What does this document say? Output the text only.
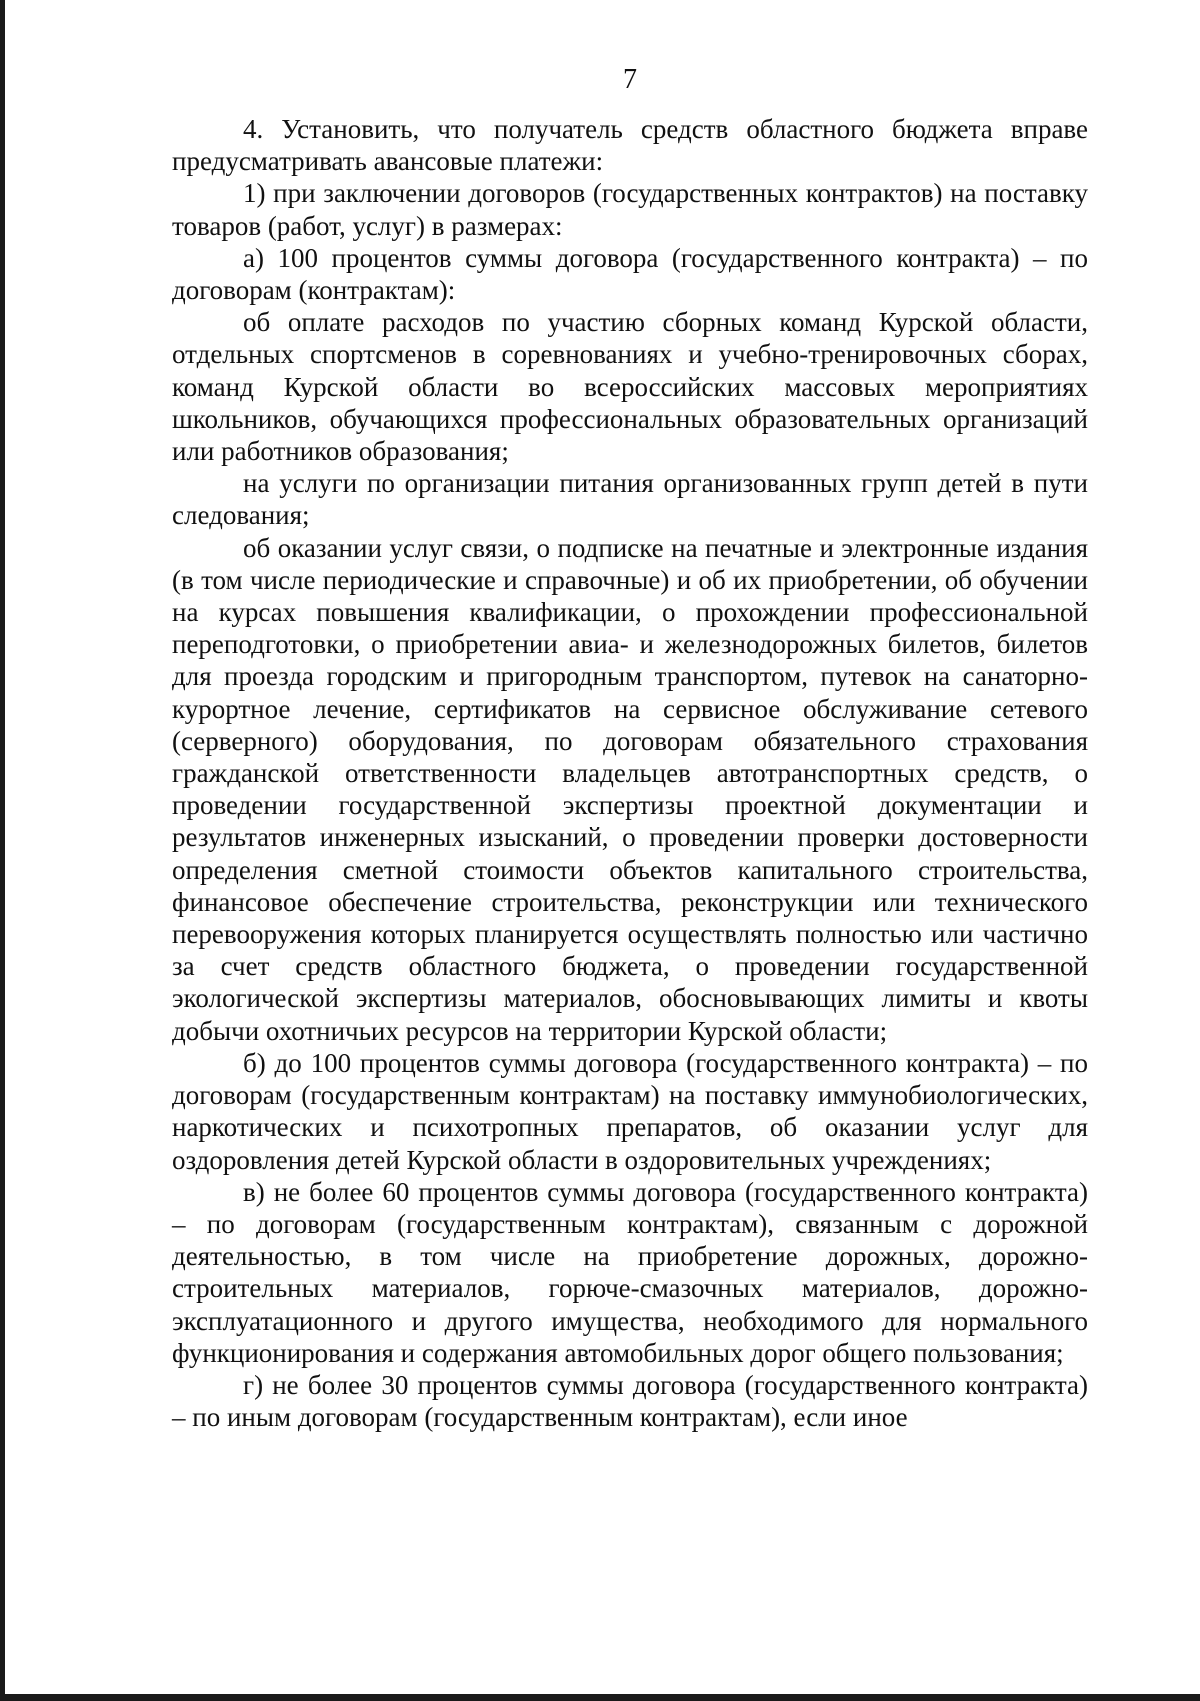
7

4. Установить, что получатель средств областного бюджета вправе предусматривать авансовые платежи:

1) при заключении договоров (государственных контрактов) на поставку товаров (работ, услуг) в размерах:

а) 100 процентов суммы договора (государственного контракта) – по договорам (контрактам):

об оплате расходов по участию сборных команд Курской области, отдельных спортсменов в соревнованиях и учебно-тренировочных сборах, команд Курской области во всероссийских массовых мероприятиях школьников, обучающихся профессиональных образовательных организаций или работников образования;

на услуги по организации питания организованных групп детей в пути следования;

об оказании услуг связи, о подписке на печатные и электронные издания (в том числе периодические и справочные) и об их приобретении, об обучении на курсах повышения квалификации, о прохождении профессиональной переподготовки, о приобретении авиа- и железнодорожных билетов, билетов для проезда городским и пригородным транспортом, путевок на санаторно-курортное лечение, сертификатов на сервисное обслуживание сетевого (серверного) оборудования, по договорам обязательного страхования гражданской ответственности владельцев автотранспортных средств, о проведении государственной экспертизы проектной документации и результатов инженерных изысканий, о проведении проверки достоверности определения сметной стоимости объектов капитального строительства, финансовое обеспечение строительства, реконструкции или технического перевооружения которых планируется осуществлять полностью или частично за счет средств областного бюджета, о проведении государственной экологической экспертизы материалов, обосновывающих лимиты и квоты добычи охотничьих ресурсов на территории Курской области;

б) до 100 процентов суммы договора (государственного контракта) – по договорам (государственным контрактам) на поставку иммунобиологических, наркотических и психотропных препаратов, об оказании услуг для оздоровления детей Курской области в оздоровительных учреждениях;

в) не более 60 процентов суммы договора (государственного контракта) – по договорам (государственным контрактам), связанным с дорожной деятельностью, в том числе на приобретение дорожных, дорожно-строительных материалов, горюче-смазочных материалов, дорожно-эксплуатационного и другого имущества, необходимого для нормального функционирования и содержания автомобильных дорог общего пользования;

г) не более 30 процентов суммы договора (государственного контракта) – по иным договорам (государственным контрактам), если иное
